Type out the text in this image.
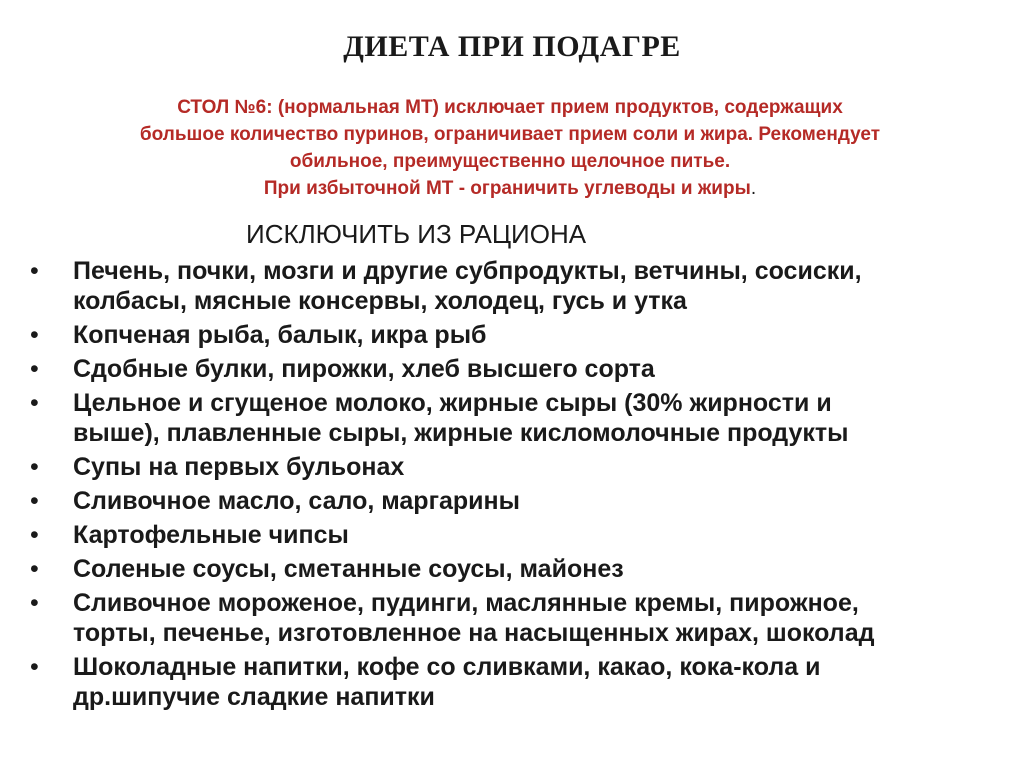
ДИЕТА ПРИ ПОДАГРЕ
СТОЛ №6: (нормальная МТ) исключает прием продуктов, содержащих
большое количество пуринов, ограничивает прием соли и жира. Рекомендует
обильное, преимущественно щелочное питье.
При избыточной МТ - ограничить углеводы и жиры.
ИСКЛЮЧИТЬ ИЗ РАЦИОНА
• Печень, почки, мозги и другие субпродукты, ветчины, сосиски,
колбасы, мясные консервы, холодец, гусь и утка
• Копченая рыба, балык, икра рыб
• Сдобные булки, пирожки, хлеб высшего сорта
• Цельное и сгущеное молоко, жирные сыры (30% жирности и
выше), плавленные сыры, жирные кисломолочные продукты
• Супы на первых бульонах
• Сливочное масло, сало, маргарины
• Картофельные чипсы
• Соленые соусы, сметанные соусы, майонез
• Сливочное мороженое, пудинги, маслянные кремы, пирожное,
торты, печенье, изготовленное на насыщенных жирах, шоколад
• Шоколадные напитки, кофе со сливками, какао, кока-кола и
др.шипучие сладкие напитки
